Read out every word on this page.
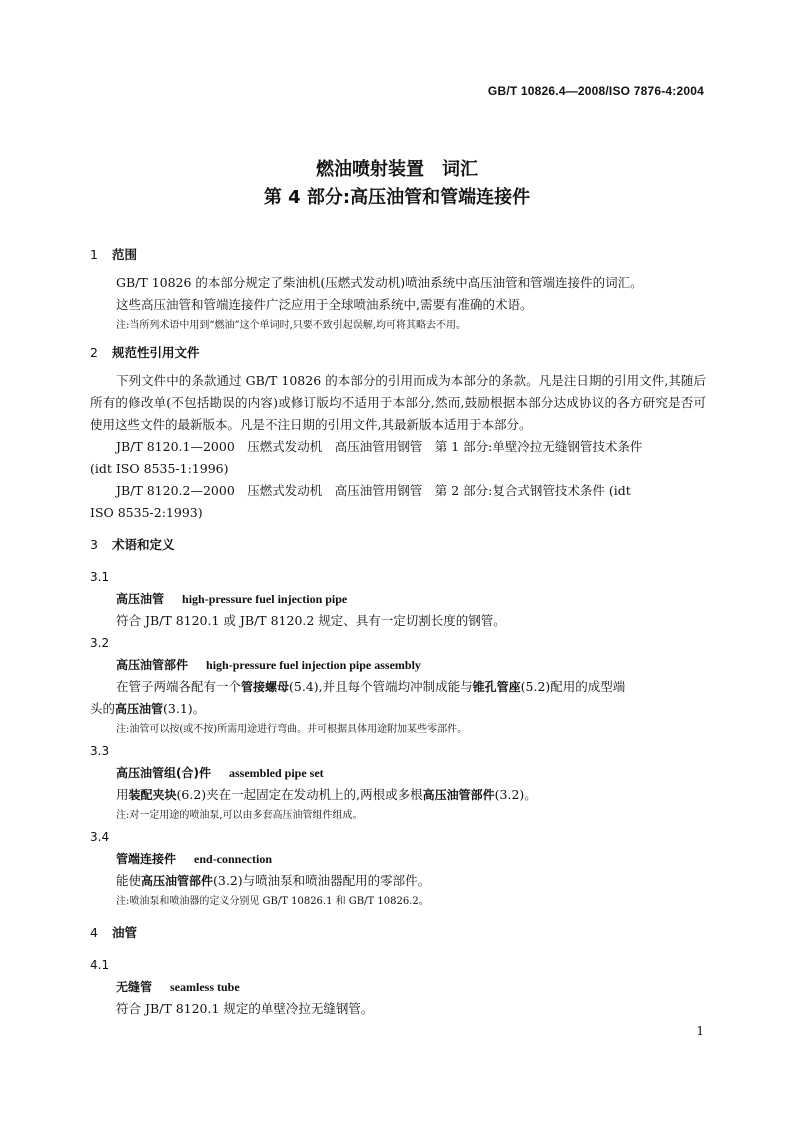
GB/T 10826.4—2008/ISO 7876-4:2004
燃油喷射装置　词汇
第 4 部分:高压油管和管端连接件
1 范围

GB/T 10826 的本部分规定了柴油机(压燃式发动机)喷油系统中高压油管和管端连接件的词汇。

这些高压油管和管端连接件广泛应用于全球喷油系统中,需要有准确的术语。

注:当所列术语中用到“燃油”这个单词时,只要不致引起误解,均可将其略去不用。
2 规范性引用文件

下列文件中的条款通过 GB/T 10826 的本部分的引用而成为本部分的条款。凡是注日期的引用文件,其随后所有的修改单(不包括勘误的内容)或修订版均不适用于本部分,然而,鼓励根据本部分达成协议的各方研究是否可使用这些文件的最新版本。凡是不注日期的引用文件,其最新版本适用于本部分。

JB/T 8120.1—2000　压燃式发动机　高压油管用钢管　第 1 部分:单壁冷拉无缝钢管技术条件

(idt ISO 8535-1:1996)

JB/T 8120.2—2000　压燃式发动机　高压油管用钢管　第 2 部分:复合式钢管技术条件 (idt

ISO 8535-2:1993)

3 术语和定义
3.1
高压油管 high-pressure fuel injection pipe

符合 JB/T 8120.1 或 JB/T 8120.2 规定、具有一定切割长度的钢管。

3.2
高压油管部件 high-pressure fuel injection pipe assembly

在管子两端各配有一个管接螺母(5.4),并且每个管端均冲制成能与锥孔管座(5.2)配用的成型端

头的高压油管(3.1)。

注:油管可以按(或不按)所需用途进行弯曲。并可根据具体用途附加某些零部件。
3.3
高压油管组(合)件 assembled pipe set

用装配夹块(6.2)夹在一起固定在发动机上的,两根或多根高压油管部件(3.2)。

注:对一定用途的喷油泵,可以由多套高压油管组件组成。
3.4
管端连接件 end-connection

能使高压油管部件(3.2)与喷油泵和喷油器配用的零部件。

注:喷油泵和喷油器的定义分别见 GB/T 10826.1 和 GB/T 10826.2。
4 油管
4.1
无缝管 seamless tube

符合 JB/T 8120.1 规定的单壁冷拉无缝钢管。

1
